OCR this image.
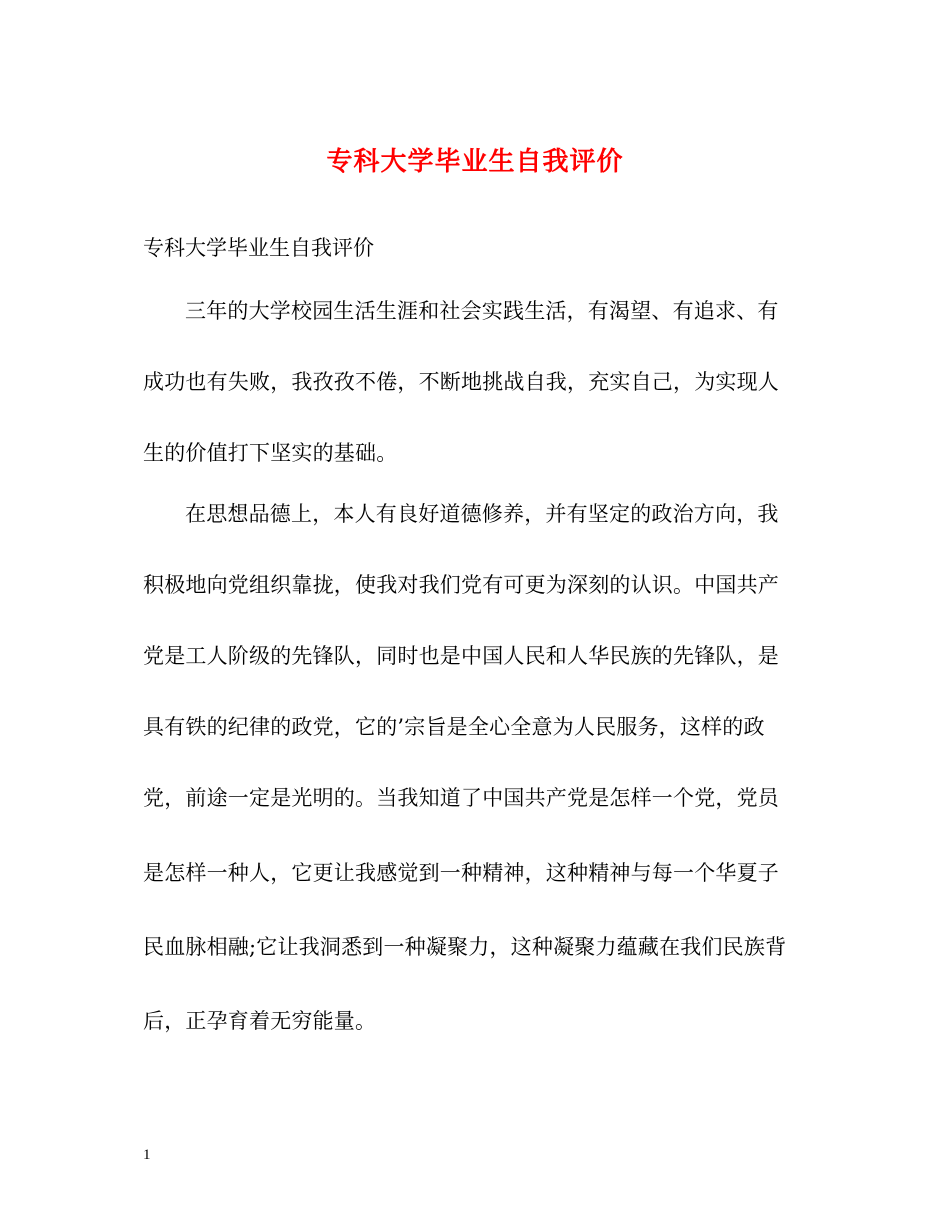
专科大学毕业生自我评价
专科大学毕业生自我评价
三年的大学校园生活生涯和社会实践生活，有渴望、有追求、有
成功也有失败，我孜孜不倦，不断地挑战自我，充实自己，为实现人
生的价值打下坚实的基础。
在思想品德上，本人有良好道德修养，并有坚定的政治方向，我
积极地向党组织靠拢，使我对我们党有可更为深刻的认识。中国共产
党是工人阶级的先锋队，同时也是中国人民和人华民族的先锋队，是
具有铁的纪律的政党，它的’宗旨是全心全意为人民服务，这样的政
党，前途一定是光明的。当我知道了中国共产党是怎样一个党，党员
是怎样一种人，它更让我感觉到一种精神，这种精神与每一个华夏子
民血脉相融;它让我洞悉到一种凝聚力，这种凝聚力蕴藏在我们民族背
后，正孕育着无穷能量。
1
